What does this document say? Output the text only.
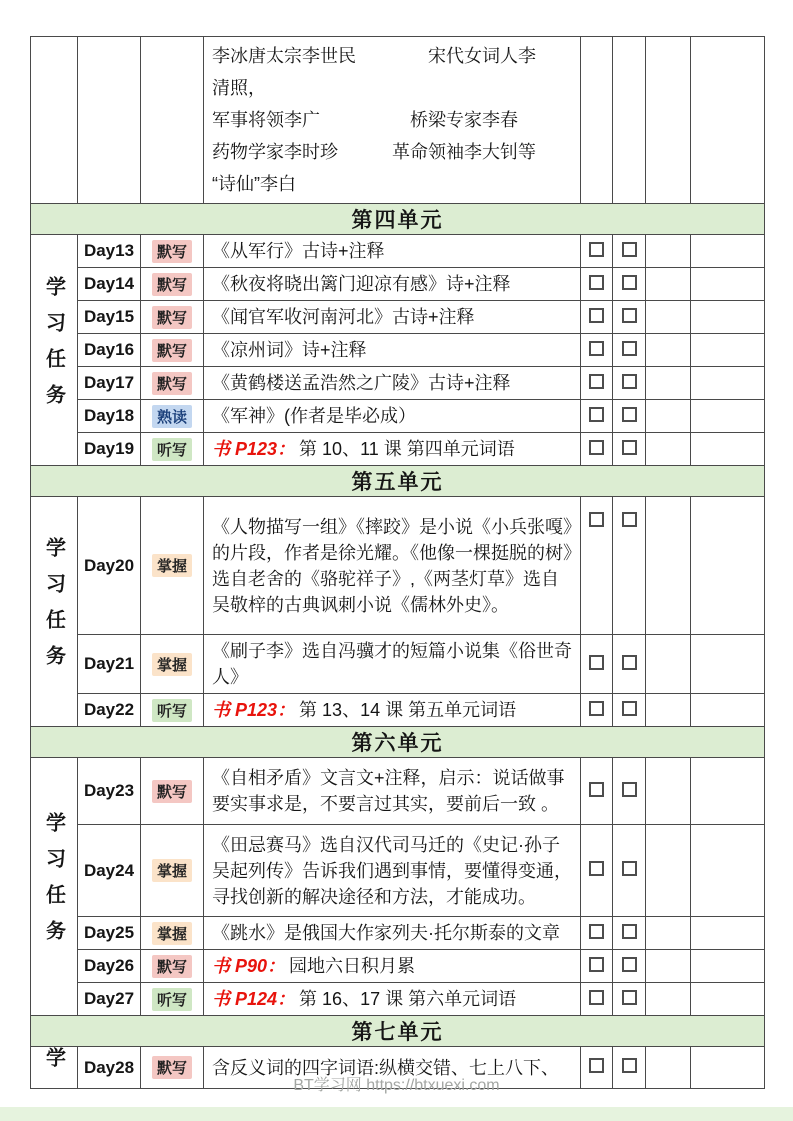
			李冰唐太宗李世民　　　　宋代女词人李
清照，
军事将领李广　　　　　桥梁专家李春
药物学家李时珍　　　革命领袖李大钊等
“诗仙”李白				

第四单元							
学习任务	Day13	默写	《从军行》古诗+注释				
	Day14	默写	《秋夜将晓出篱门迎凉有感》诗+注释				
	Day15	默写	《闻官军收河南河北》古诗+注释				
	Day16	默写	《凉州词》诗+注释				
	Day17	默写	《黄鹤楼送孟浩然之广陵》古诗+注释				
	Day18	熟读	《军神》(作者是毕必成）				
	Day19	听写	书 P123： 第 10、11 课 第四单元词语				
第五单元							
学习任务	Day20	掌握	《人物描写一组》《摔跤》是小说《小兵张嘎》的片段，作者是徐光耀。《他像一棵挺脱的树》选自老舍的《骆驼祥子》,《两茎灯草》选自吴敬梓的古典讽刺小说《儒林外史》。				
	Day21	掌握	《刷子李》选自冯骥才的短篇小说集《俗世奇人》				
	Day22	听写	书 P123： 第 13、14 课 第五单元词语				
第六单元							
学习任务	Day23	默写	《自相矛盾》文言文+注释，启示：说话做事要实事求是，不要言过其实，要前后一致 。				
	Day24	掌握	《田忌赛马》选自汉代司马迁的《史记·孙子吴起列传》告诉我们遇到事情，要懂得变通，寻找创新的解决途径和方法，才能成功。				
	Day25	掌握	《跳水》是俄国大作家列夫·托尔斯泰的文章				
	Day26	默写	书 P90： 园地六日积月累				
	Day27	听写	书 P124： 第 16、17 课 第六单元词语				
第七单元							
学	Day28	默写	含反义词的四字词语:纵横交错、七上八下、				
BT学习网 https://btxuexi.com
